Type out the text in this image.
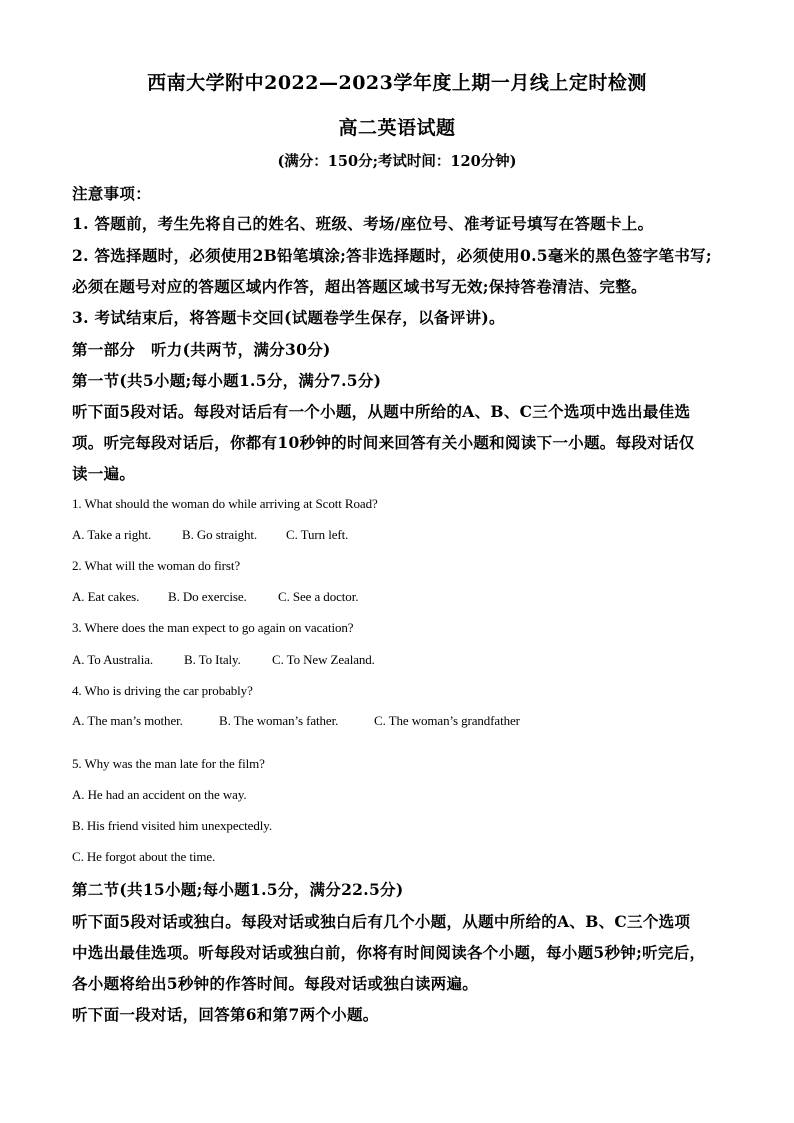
西南大学附中2022—2023学年度上期一月线上定时检测
高二英语试题
(满分：150分;考试时间：120分钟)
注意事项：
1. 答题前，考生先将自己的姓名、班级、考场/座位号、准考证号填写在答题卡上。
2. 答选择题时，必须使用2B铅笔填涂;答非选择题时，必须使用0.5毫米的黑色签字笔书写;
必须在题号对应的答题区域内作答，超出答题区域书写无效;保持答卷清洁、完整。
3. 考试结束后，将答题卡交回(试题卷学生保存，以备评讲)。
第一部分　听力(共两节，满分30分)
第一节(共5小题;每小题1.5分，满分7.5分)
听下面5段对话。每段对话后有一个小题，从题中所给的A、B、C三个选项中选出最佳选
项。听完每段对话后，你都有10秒钟的时间来回答有关小题和阅读下一小题。每段对话仅
读一遍。
1. What should the woman do while arriving at Scott Road?
A. Take a right. B. Go straight. C. Turn left.
2. What will the woman do first?
A. Eat cakes. B. Do exercise. C. See a doctor.
3. Where does the man expect to go again on vacation?
A. To Australia. B. To Italy. C. To New Zealand.
4. Who is driving the car probably?
A. The man’s mother.	B. The woman’s father.	C. The woman’s grandfather
5. Why was the man late for the film?
A. He had an accident on the way.
B. His friend visited him unexpectedly.
C. He forgot about the time.
第二节(共15小题;每小题1.5分，满分22.5分)
听下面5段对话或独白。每段对话或独白后有几个小题，从题中所给的A、B、C三个选项
中选出最佳选项。听每段对话或独白前，你将有时间阅读各个小题，每小题5秒钟;听完后，
各小题将给出5秒钟的作答时间。每段对话或独白读两遍。
听下面一段对话，回答第6和第7两个小题。
